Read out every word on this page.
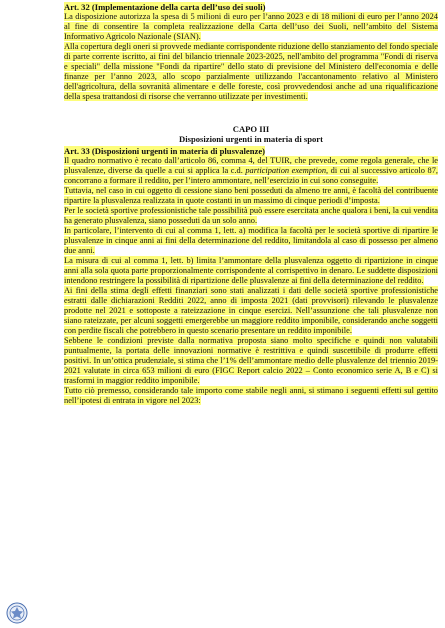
Art. 32 (Implementazione della carta dell’uso dei suoli)

La disposizione autorizza la spesa di 5 milioni di euro per l’anno 2023 e di 18 milioni di euro per l’anno 2024 al fine di consentire la completa realizzazione della Carta dell’uso dei Suoli, nell’ambito del Sistema Informativo Agricolo Nazionale (SIAN).

Alla copertura degli oneri si provvede mediante corrispondente riduzione dello stanziamento del fondo speciale di parte corrente iscritto, ai fini del bilancio triennale 2023-2025, nell'ambito del programma "Fondi di riserva e speciali" della missione "Fondi da ripartire" dello stato di previsione del Ministero dell'economia e delle finanze per l’anno 2023, allo scopo parzialmente utilizzando l'accantonamento relativo al Ministero dell'agricoltura, della sovranità alimentare e delle foreste, così provvedendosi anche ad una riqualificazione della spesa trattandosi di risorse che verranno utilizzate per investimenti.

CAPO III
Disposizioni urgenti in materia di sport
Art. 33 (Disposizioni urgenti in materia di plusvalenze)

Il quadro normativo è recato dall’articolo 86, comma 4, del TUIR, che prevede, come regola generale, che le plusvalenze, diverse da quelle a cui si applica la c.d. participation exemption, di cui al successivo articolo 87, concorrano a formare il reddito, per l’intero ammontare, nell’esercizio in cui sono conseguite.

Tuttavia, nel caso in cui oggetto di cessione siano beni posseduti da almeno tre anni, è facoltà del contribuente ripartire la plusvalenza realizzata in quote costanti in un massimo di cinque periodi d’imposta.

Per le società sportive professionistiche tale possibilità può essere esercitata anche qualora i beni, la cui vendita ha generato plusvalenza, siano posseduti da un solo anno.

In particolare, l’intervento di cui al comma 1, lett. a) modifica la facoltà per le società sportive di ripartire le plusvalenze in cinque anni ai fini della determinazione del reddito, limitandola al caso di possesso per almeno due anni.

La misura di cui al comma 1, lett. b) limita l’ammontare della plusvalenza oggetto di ripartizione in cinque anni alla sola quota parte proporzionalmente corrispondente al corrispettivo in denaro. Le suddette disposizioni intendono restringere la possibilità di ripartizione delle plusvalenze ai fini della determinazione del reddito.

Ai fini della stima degli effetti finanziari sono stati analizzati i dati delle società sportive professionistiche estratti dalle dichiarazioni Redditi 2022, anno di imposta 2021 (dati provvisori) rilevando le plusvalenze prodotte nel 2021 e sottoposte a rateizzazione in cinque esercizi. Nell’assunzione che tali plusvalenze non siano rateizzate, per alcuni soggetti emergerebbe un maggiore reddito imponibile, considerando anche soggetti con perdite fiscali che potrebbero in questo scenario presentare un reddito imponibile.

Sebbene le condizioni previste dalla normativa proposta siano molto specifiche e quindi non valutabili puntualmente, la portata delle innovazioni normative è restrittiva e quindi suscettibile di produrre effetti positivi. In un’ottica prudenziale, si stima che l’1% dell’ammontare medio delle plusvalenze del triennio 2019-2021 valutate in circa 653 milioni di euro (FIGC Report calcio 2022 – Conto economico serie A, B e C) si trasformi in maggior reddito imponibile.

Tutto ciò premesso, considerando tale importo come stabile negli anni, si stimano i seguenti effetti sul gettito nell’ipotesi di entrata in vigore nel 2023:
